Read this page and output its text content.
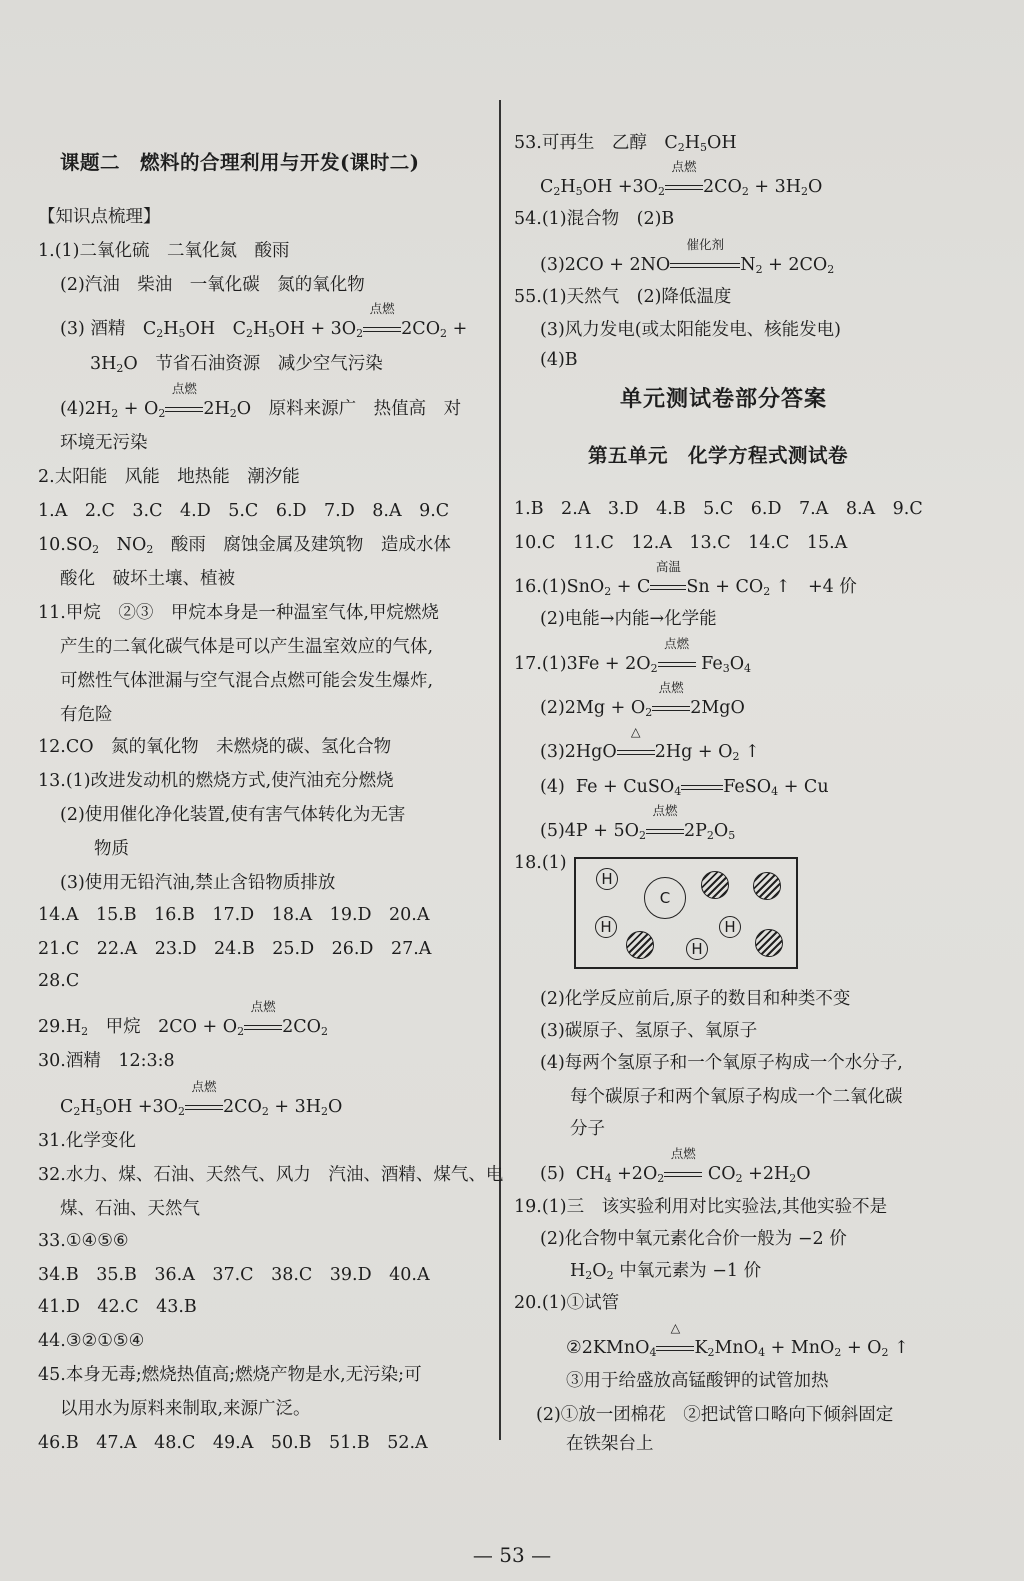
课题二　燃料的合理利用与开发(课时二)
【知识点梳理】
1.(1)二氧化硫　二氧化氮　酸雨
(2)汽油　柴油　一氧化碳　氮的氧化物
(3) 酒精　$C_2H_5OH$　$C_2H_5OH + 3O_2$
点燃
$2CO_2$ +
$3H_2O$　节省石油资源　减少空气污染
$(4)2H_2 + O_2$
点燃
$2H_2O$　原料来源广　热值高　对
环境无污染
2.太阳能　风能　地热能　潮汐能
1.A　2.C　3.C　4.D　5.C　6.D　7.D　8.A　9.C
$10.SO_2$　$NO_2$　酸雨　腐蚀金属及建筑物　造成水体
酸化　破坏土壤、植被
11.甲烷　②③　甲烷本身是一种温室气体,甲烷燃烧
产生的二氧化碳气体是可以产生温室效应的气体,
可燃性气体泄漏与空气混合点燃可能会发生爆炸,
有危险
12.CO　氮的氧化物　未燃烧的碳、氢化合物
13.(1)改进发动机的燃烧方式,使汽油充分燃烧
(2)使用催化净化装置,使有害气体转化为无害
物质
(3)使用无铅汽油,禁止含铅物质排放
14.A　15.B　16.B　17.D　18.A　19.D　20.A
21.C　22.A　23.D　24.B　25.D　26.D　27.A
28.C
$29.H_2$　甲烷　$2CO + O_2$
点燃
$2CO_2$
30.酒精　12:3:8
$C_2H_5OH +3O_2$
点燃
$2CO_2 + 3H_2O$
31.化学变化
32.水力、煤、石油、天然气、风力　汽油、酒精、煤气、电
煤、石油、天然气
33.①④⑤⑥
34.B　35.B　36.A　37.C　38.C　39.D　40.A
41.D　42.C　43.B
44.③②①⑤④
45.本身无毒;燃烧热值高;燃烧产物是水,无污染;可
以用水为原料来制取,来源广泛。
46.B　47.A　48.C　49.A　50.B　51.B　52.A
53.可再生　乙醇　$C_2H_5OH$
$C_2H_5OH +3O_2$
点燃
$2CO_2 + 3H_2O$
54.(1)混合物　(2)B
(3)2CO + 2NO
催化剂
$N_2 + 2CO_2$
55.(1)天然气　(2)降低温度
(3)风力发电(或太阳能发电、核能发电)
(4)B
单元测试卷部分答案
第五单元　化学方程式测试卷
1.B　2.A　3.D　4.B　5.C　6.D　7.A　8.A　9.C
10.C　11.C　12.A　13.C　14.C　15.A
16.(1)SnO$_2$ + C
高温
$Sn + CO_2$ ↑　+4 价
(2)电能→内能→化学能
$17.(1)3Fe + 2O_2$
点燃
$Fe_3O_4$
$(2)2Mg + O_2$
点燃
2MgO
(3)2HgO
△
$2Hg + O_2$ ↑
(4)  Fe + CuSO$_4$ FeSO$_4$ + Cu
$(5)4P + 5O_2$
点燃
$2P_2O_5$
18.(1)
(2)化学反应前后,原子的数目和种类不变
(3)碳原子、氢原子、氧原子
(4)每两个氢原子和一个氧原子构成一个水分子,
每个碳原子和两个氧原子构成一个二氧化碳
分子
(5)  $CH_4 +2O_2$
点燃
$CO_2 +2H_2O$
19.(1)三　该实验利用对比实验法,其他实验不是
(2)化合物中氧元素化合价一般为 −2 价
$H_2O_2$ 中氧元素为 −1 价
20.(1)①试管
②2KMnO$_4$
△
$K_2MnO_4 + MnO_2 + O_2$ ↑
③用于给盛放高锰酸钾的试管加热
(2)①放一团棉花　②把试管口略向下倾斜固定
在铁架台上
H
C
H
H
H
— 53 —
